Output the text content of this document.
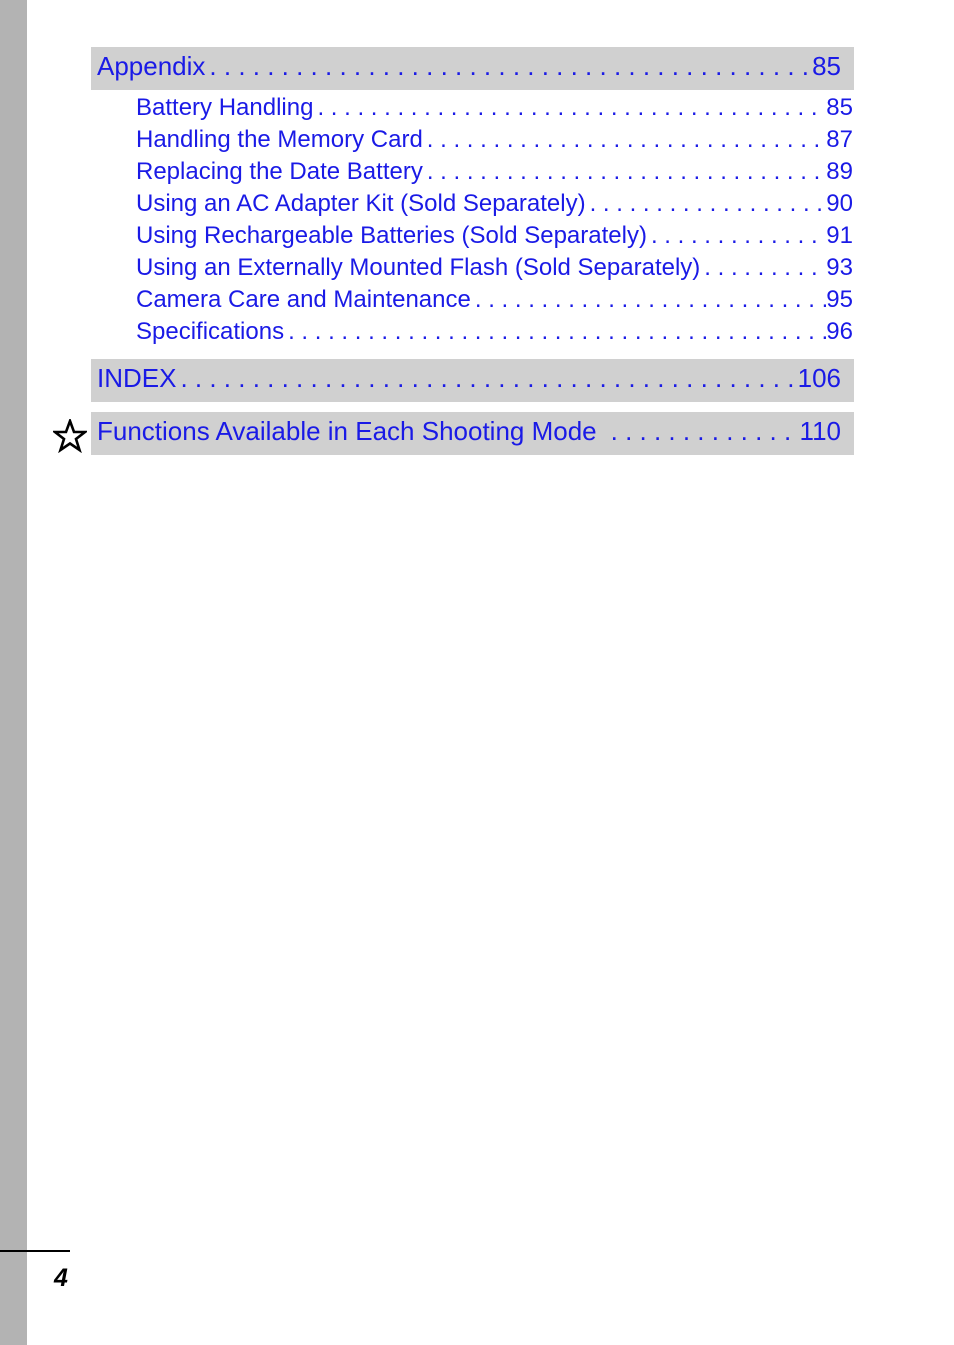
Appendix . . .	85
Battery Handling . . .	85
Handling the Memory Card . . .	87
Replacing the Date Battery . . .	89
Using an AC Adapter Kit (Sold Separately) . . .	90
Using Rechargeable Batteries (Sold Separately) . . .	91
Using an Externally Mounted Flash (Sold Separately) . . .	93
Camera Care and Maintenance . . .	95
Specifications . . .	96
INDEX . . .	106
Functions Available in Each Shooting Mode . . .	110
4
